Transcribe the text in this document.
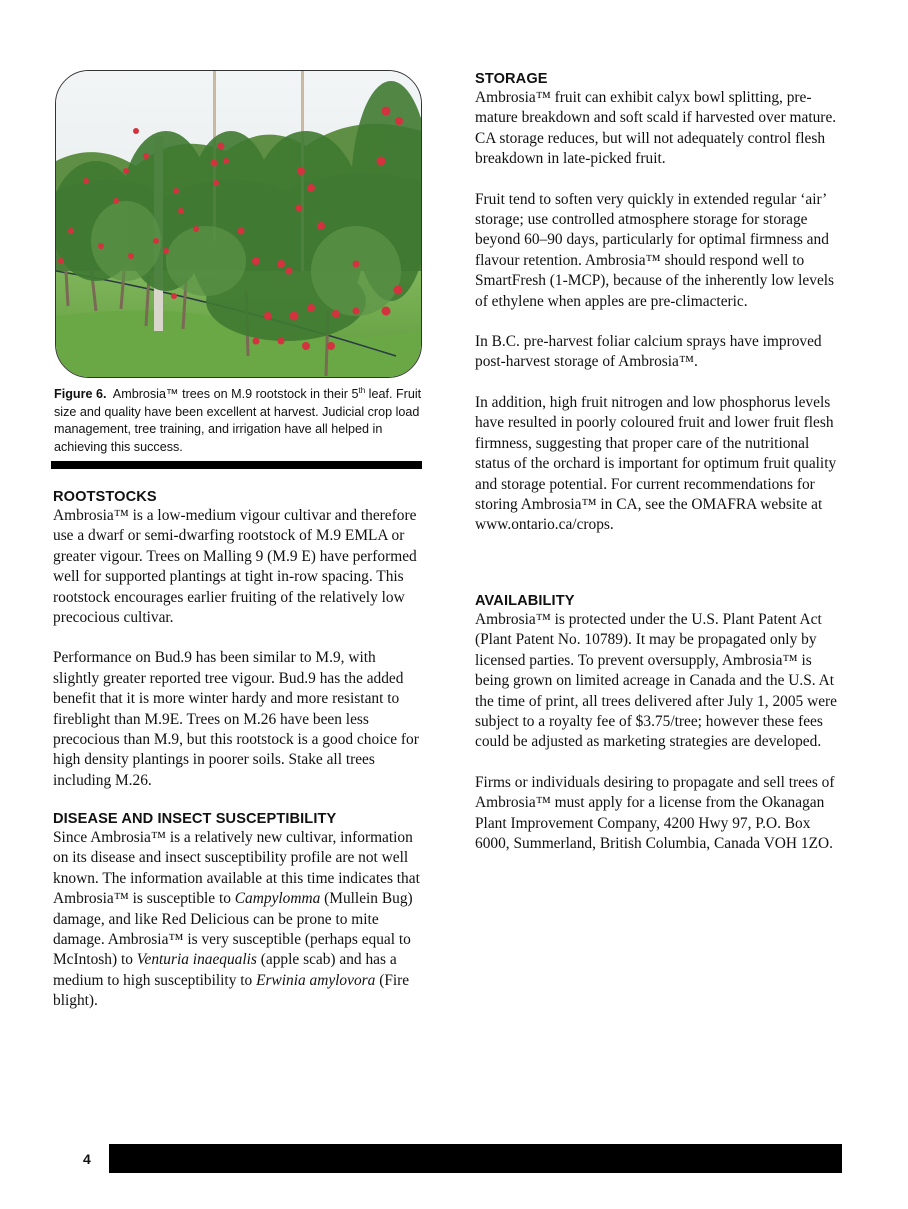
Figure 6. Ambrosia™ trees on M.9 rootstock in their 5th leaf. Fruit size and quality have been excellent at harvest. Judicial crop load management, tree training, and irrigation have all helped in achieving this success.
ROOTSTOCKS

Ambrosia™ is a low-medium vigour cultivar and therefore use a dwarf or semi-dwarfing rootstock of M.9 EMLA or greater vigour. Trees on Malling 9 (M.9 E) have performed well for supported plantings at tight in-row spacing. This rootstock encourages earlier fruiting of the relatively low precocious cultivar.

Performance on Bud.9 has been similar to M.9, with slightly greater reported tree vigour. Bud.9 has the added benefit that it is more winter hardy and more resistant to fireblight than M.9E. Trees on M.26 have been less precocious than M.9, but this rootstock is a good choice for high density plantings in poorer soils. Stake all trees including M.26.

DISEASE AND INSECT SUSCEPTIBILITY

Since Ambrosia™ is a relatively new cultivar, information on its disease and insect susceptibility profile are not well known. The information available at this time indicates that Ambrosia™ is susceptible to Campylomma (Mullein Bug) damage, and like Red Delicious can be prone to mite damage. Ambrosia™ is very susceptible (perhaps equal to McIntosh) to Venturia inaequalis (apple scab) and has a medium to high susceptibility to Erwinia amylovora (Fire blight).

STORAGE

Ambrosia™ fruit can exhibit calyx bowl splitting, pre-mature breakdown and soft scald if harvested over mature. CA storage reduces, but will not adequately control flesh breakdown in late-picked fruit.

Fruit tend to soften very quickly in extended regular ‘air’ storage; use controlled atmosphere storage for storage beyond 60–90 days, particularly for optimal firmness and flavour retention. Ambrosia™ should respond well to SmartFresh (1-MCP), because of the inherently low levels of ethylene when apples are pre-climacteric.

In B.C. pre-harvest foliar calcium sprays have improved post-harvest storage of Ambrosia™.

In addition, high fruit nitrogen and low phosphorus levels have resulted in poorly coloured fruit and lower fruit flesh firmness, suggesting that proper care of the nutritional status of the orchard is important for optimum fruit quality and storage potential. For current recommendations for storing Ambrosia™ in CA, see the OMAFRA website at www.ontario.ca/crops.

AVAILABILITY

Ambrosia™ is protected under the U.S. Plant Patent Act (Plant Patent No. 10789). It may be propagated only by licensed parties. To prevent oversupply, Ambrosia™ is being grown on limited acreage in Canada and the U.S. At the time of print, all trees delivered after July 1, 2005 were subject to a royalty fee of $3.75/tree; however these fees could be adjusted as marketing strategies are developed.

Firms or individuals desiring to propagate and sell trees of Ambrosia™ must apply for a license from the Okanagan Plant Improvement Company, 4200 Hwy 97, P.O. Box 6000, Summerland, British Columbia, Canada VOH 1ZO.

4
